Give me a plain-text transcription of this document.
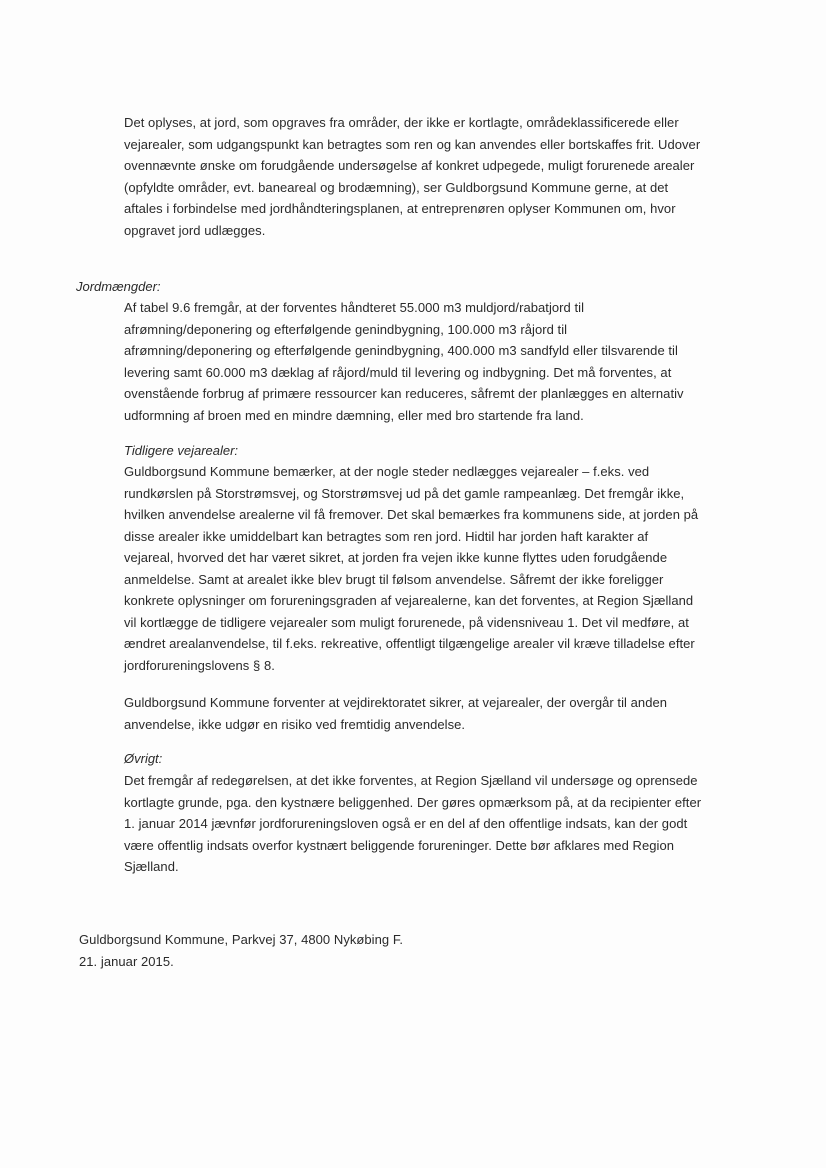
Det oplyses, at jord, som opgraves fra områder, der ikke er kortlagte, områdeklassificerede eller
vejarealer, som udgangspunkt kan betragtes som ren og kan anvendes eller bortskaffes frit. Udover
ovennævnte ønske om forudgående undersøgelse af konkret udpegede, muligt forurenede arealer
(opfyldte områder, evt. baneareal og brodæmning), ser Guldborgsund Kommune gerne, at det
aftales i forbindelse med jordhåndteringsplanen, at entreprenøren oplyser Kommunen om, hvor
opgravet jord udlægges.
Jordmængder:
Af tabel 9.6 fremgår, at der forventes håndteret 55.000 m3 muldjord/rabatjord til
afrømning/deponering og efterfølgende genindbygning, 100.000 m3 råjord til
afrømning/deponering og efterfølgende genindbygning, 400.000 m3 sandfyld eller tilsvarende til
levering samt 60.000 m3 dæklag af råjord/muld til levering og indbygning. Det må forventes, at
ovenstående forbrug af primære ressourcer kan reduceres, såfremt der planlægges en alternativ
udformning af broen med en mindre dæmning, eller med bro startende fra land.
Tidligere vejarealer:
Guldborgsund Kommune bemærker, at der nogle steder nedlægges vejarealer – f.eks. ved
rundkørslen på Storstrømsvej, og Storstrømsvej ud på det gamle rampeanlæg. Det fremgår ikke,
hvilken anvendelse arealerne vil få fremover. Det skal bemærkes fra kommunens side, at jorden på
disse arealer ikke umiddelbart kan betragtes som ren jord. Hidtil har jorden haft karakter af
vejareal, hvorved det har været sikret, at jorden fra vejen ikke kunne flyttes uden forudgående
anmeldelse. Samt at arealet ikke blev brugt til følsom anvendelse. Såfremt der ikke foreligger
konkrete oplysninger om forureningsgraden af vejarealerne, kan det forventes, at Region Sjælland
vil kortlægge de tidligere vejarealer som muligt forurenede, på vidensniveau 1. Det vil medføre, at
ændret arealanvendelse, til f.eks. rekreative, offentligt tilgængelige arealer vil kræve tilladelse efter
jordforureningslovens § 8.
Guldborgsund Kommune forventer at vejdirektoratet sikrer, at vejarealer, der overgår til anden
anvendelse, ikke udgør en risiko ved fremtidig anvendelse.
Øvrigt:
Det fremgår af redegørelsen, at det ikke forventes, at Region Sjælland vil undersøge og oprensede
kortlagte grunde, pga. den kystnære beliggenhed. Der gøres opmærksom på, at da recipienter efter
1. januar 2014 jævnfør jordforureningsloven også er en del af den offentlige indsats, kan der godt
være offentlig indsats overfor kystnært beliggende forureninger. Dette bør afklares med Region
Sjælland.
Guldborgsund Kommune, Parkvej 37, 4800 Nykøbing F.
21. januar 2015.
